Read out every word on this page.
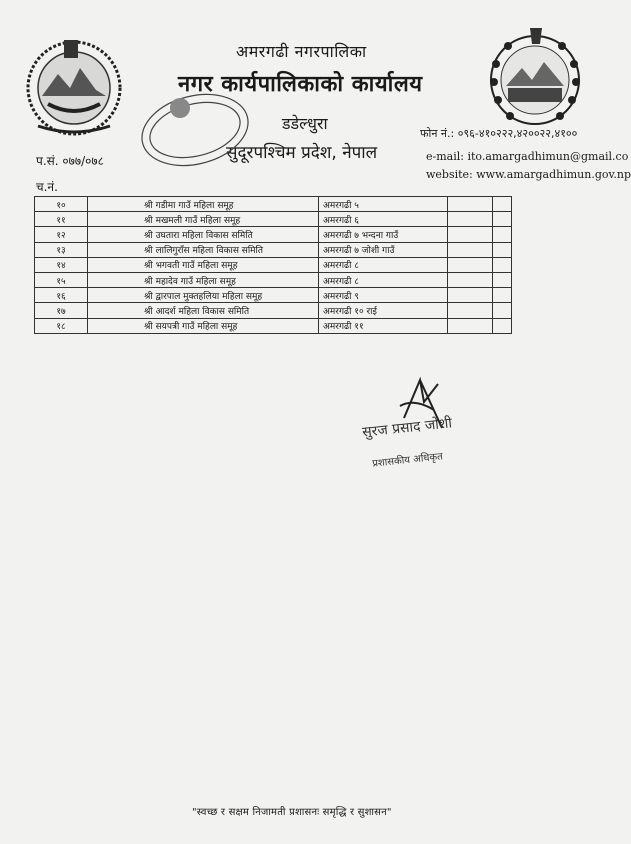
अमरगढी नगरपालिका
नगर कार्यपालिकाको कार्यालय
डडेल्धुरा
सुदूरपश्चिम प्रदेश, नेपाल
फोन नं.: ०९६-४१०२२२,४२००२२,४१००
e-mail: ito.amargadhimun@gmail.co
website: www.amargadhimun.gov.np
प.सं. ०७७/०७८
च.नं.
१०	श्री गडीमा गाउँ महिला समूह	अमरगढी ५		
११	श्री मखमली गाउँ महिला समूह	अमरगढी ६		
१२	श्री उघतारा महिला विकास समिति	अमरगढी ७ भन्दना गाउँ		
१३	श्री लालिगुराँस महिला विकास समिति	अमरगढी ७ जोशी गाउँ		
१४	श्री भगवती गाउँ महिला समूह	अमरगढी ८		
१५	श्री महादेव गाउँ महिला समूह	अमरगढी ८		
१६	श्री द्वारपाल मुक्तहलिया महिला समूह	अमरगढी ९		
१७	श्री आदर्श महिला विकास समिति	अमरगढी १० राई		
१८	श्री सयपत्री गाउँ महिला समूह	अमरगढी ११		
सुरज प्रसाद जोशी
प्रशासकीय अधिकृत
"स्वच्छ र सक्षम निजामती प्रशासनः समृद्धि र सुशासन"
